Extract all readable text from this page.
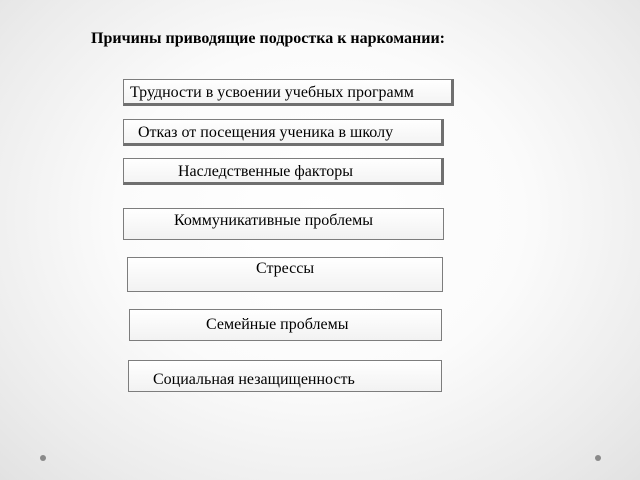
Причины приводящие подростка к наркомании:
Трудности в усвоении учебных программ
Отказ от посещения ученика в школу
Наследственные факторы
Коммуникативные проблемы
Стрессы
Семейные проблемы
Социальная незащищенность
